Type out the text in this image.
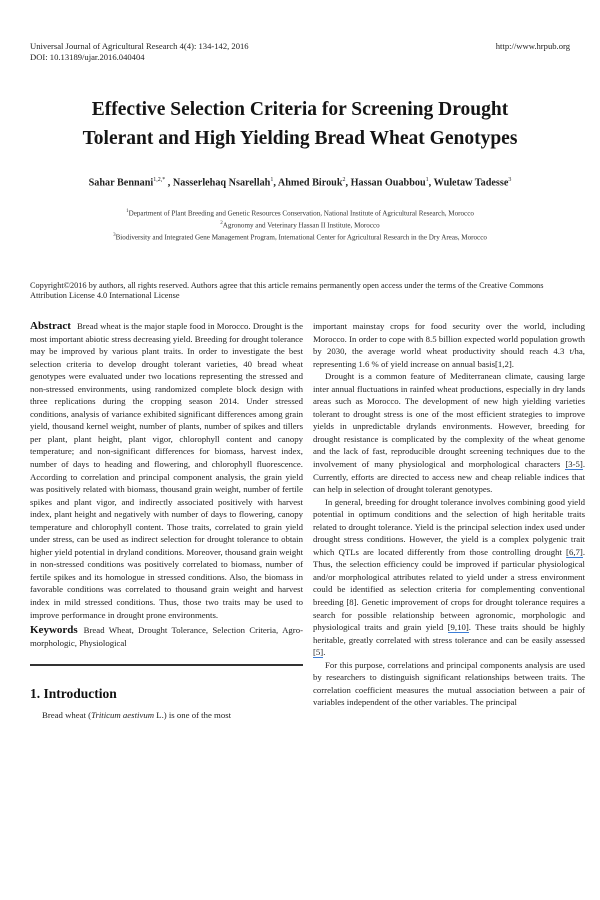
Universal Journal of Agricultural Research 4(4): 134-142, 2016
DOI: 10.13189/ujar.2016.040404
http://www.hrpub.org
Effective Selection Criteria for Screening Drought
Tolerant and High Yielding Bread Wheat Genotypes
Sahar Bennani$^{1,2,*}$ , Nasserlehaq Nsarellah$^1$, Ahmed Birouk$^2$, Hassan Ouabbou$^1$, Wuletaw Tadesse$^3$
$^1$Department of Plant Breeding and Genetic Resources Conservation, National Institute of Agricultural Research, Morocco
$^2$Agronomy and Veterinary Hassan II Institute, Morocco
$^3$Biodiversity and Integrated Gene Management Program, International Center for Agricultural Research in the Dry Areas, Morocco
Copyright©2016 by authors, all rights reserved. Authors agree that this article remains permanently open access under the terms of the Creative Commons Attribution License 4.0 International License

Abstract Bread wheat is the major staple food in Morocco. Drought is the most important abiotic stress decreasing yield. Breeding for drought tolerance may be improved by various plant traits. In order to investigate the best selection criteria to develop drought tolerant varieties, 40 bread wheat genotypes were evaluated under two locations representing the stressed and non-stressed environments, using randomized complete block design with three replications during the cropping season 2014. Under stressed conditions, analysis of variance exhibited significant differences among grain yield, thousand kernel weight, number of plants, number of spikes and tillers per plant, plant height, plant vigor, chlorophyll content and canopy temperature; and non-significant differences for biomass, harvest index, number of days to heading and flowering, and chlorophyll fluorescence. According to correlation and principal component analysis, the grain yield was positively related with biomass, thousand grain weight, number of fertile spikes and plant vigor, and indirectly associated positively with harvest index, plant height and negatively with number of days to flowering, canopy temperature and chlorophyll content. Those traits, correlated to grain yield under stress, can be used as indirect selection for drought tolerance to obtain higher yield potential in dryland conditions. Moreover, thousand grain weight in non-stressed conditions was positively correlated to biomass, number of fertile spikes and its homologue in stressed conditions. Also, the biomass in favorable conditions was correlated to thousand grain weight and harvest index in mild stressed conditions. Thus, those two traits may be used to improve performance in drought prone environments.

Keywords Bread Wheat, Drought Tolerance, Selection Criteria, Agro-morphologic, Physiological

1. Introduction

Bread wheat (Triticum aestivum L.) is one of the most

important mainstay crops for food security over the world, including Morocco. In order to cope with 8.5 billion expected world population growth by 2030, the average world wheat productivity should reach 4.3 t/ha, representing 1.6 % of yield increase on annual basis[1,2].

Drought is a common feature of Mediterranean climate, causing large inter annual fluctuations in rainfed wheat productions, especially in dry lands areas such as Morocco. The development of new high yielding varieties tolerant to drought stress is one of the most efficient strategies to improve yields in unpredictable drylands environments. However, breeding for drought resistance is complicated by the complexity of the wheat genome and the lack of fast, reproducible drought screening techniques due to the involvement of many physiological and morphological characters [3-5]. Currently, efforts are directed to access new and cheap reliable indices that can help in selection of drought tolerant genotypes.

In general, breeding for drought tolerance involves combining good yield potential in optimum conditions and the selection of high heritable traits related to drought tolerance. Yield is the principal selection index used under drought stress conditions. However, the yield is a complex polygenic trait which QTLs are located differently from those controlling drought [6,7]. Thus, the selection efficiency could be improved if particular physiological and/or morphological attributes related to yield under a stress environment could be identified as selection criteria for complementing conventional breeding [8]. Genetic improvement of crops for drought tolerance requires a search for possible relationship between agronomic, morphologic and physiological traits and grain yield [9,10]. These traits should be highly heritable, greatly correlated with stress tolerance and can be easily assessed [5].

For this purpose, correlations and principal components analysis are used by researchers to distinguish significant relationships between traits. The correlation coefficient measures the mutual association between a pair of variables independent of the other variables. The principal
